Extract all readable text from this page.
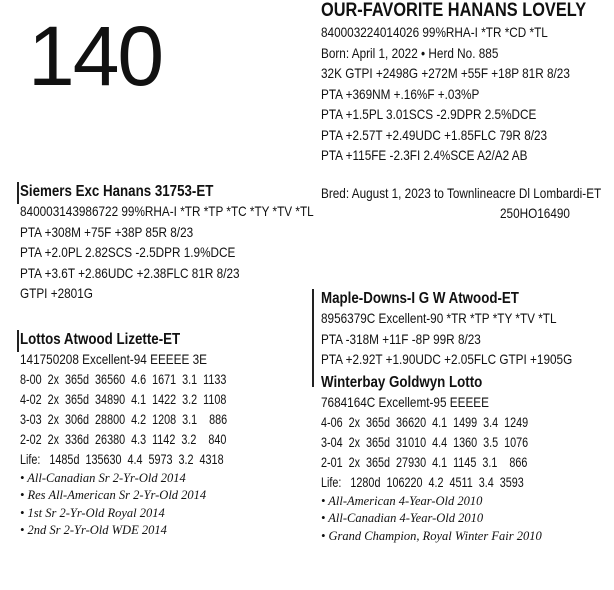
140	OUR-FAVORITE HANANS LOVELY
840003224014026 99%RHA-I *TR *CD *TL
Born: April 1, 2022 • Herd No. 885
32K GTPI +2498G +272M +55F +18P 81R 8/23
PTA +369NM +.16%F +.03%P
PTA +1.5PL 3.01SCS -2.9DPR 2.5%DCE
PTA +2.57T +2.49UDC +1.85FLC 79R 8/23
PTA +115FE -2.3FI 2.4%SCE A2/A2 AB
Bred: August 1, 2023 to Townlineacre Dl Lombardi-ET
250HO16490
Siemers Exc Hanans 31753-ET
840003143986722 99%RHA-I *TR *TP *TC *TY *TV *TL
PTA +308M +75F +38P 85R 8/23
PTA +2.0PL 2.82SCS -2.5DPR 1.9%DCE
PTA +3.6T +2.86UDC +2.38FLC 81R 8/23
GTPI +2801G
Lottos Atwood Lizette-ET
141750208 Excellent-94 EEEEE 3E
8-00  2x  365d  36560  4.6  1671  3.1  1133
4-02  2x  365d  34890  4.1  1422  3.2  1108
3-03  2x  306d  28800  4.2  1208  3.1    886
2-02  2x  336d  26380  4.3  1142  3.2    840
Life:   1485d  135630  4.4  5973  3.2  4318
• All-Canadian Sr 2-Yr-Old 2014
• Res All-American Sr 2-Yr-Old 2014
• 1st Sr 2-Yr-Old Royal 2014
• 2nd Sr 2-Yr-Old WDE 2014
Maple-Downs-I G W Atwood-ET
8956379C Excellent-90 *TR *TP *TY *TV *TL
PTA -318M +11F -8P 99R 8/23
PTA +2.92T +1.90UDC +2.05FLC GTPI +1905G
Winterbay Goldwyn Lotto
7684164C Excellemt-95 EEEEE
4-06  2x  365d  36620  4.1  1499  3.4  1249
3-04  2x  365d  31010  4.4  1360  3.5  1076
2-01  2x  365d  27930  4.1  1145  3.1    866
Life:   1280d  106220  4.2  4511  3.4  3593
• All-American 4-Year-Old 2010
• All-Canadian 4-Year-Old 2010
• Grand Champion, Royal Winter Fair 2010
